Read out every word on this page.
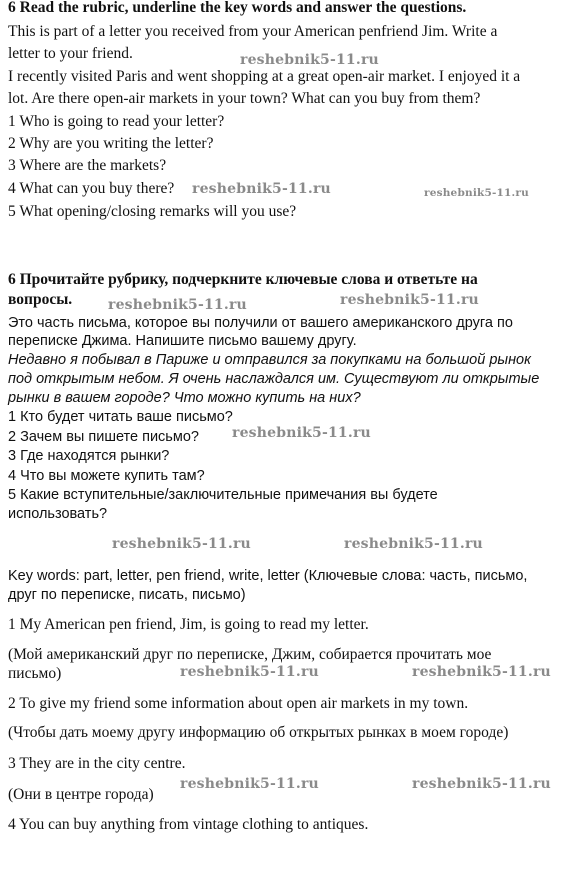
6 Read the rubric, underline the key words and answer the questions.
This is part of a letter you received from your American penfriend Jim. Write a
letter to your friend.
I recently visited Paris and went shopping at a great open-air market. I enjoyed it a
lot. Are there open-air markets in your town? What can you buy from them?
1 Who is going to read your letter?
2 Why are you writing the letter?
3 Where are the markets?
4 What can you buy there?
5 What opening/closing remarks will you use?
6 Прочитайте рубрику, подчеркните ключевые слова и ответьте на
вопросы.
Это часть письма, которое вы получили от вашего американского друга по
переписке Джима. Напишите письмо вашему другу.
Недавно я побывал в Париже и отправился за покупками на большой рынок
под открытым небом. Я очень наслаждался им. Существуют ли открытые
рынки в вашем городе? Что можно купить на них?
1 Кто будет читать ваше письмо?
2 Зачем вы пишете письмо?
3 Где находятся рынки?
4 Что вы можете купить там?
5 Какие вступительные/заключительные примечания вы будете
использовать?
Key words: part, letter, pen friend, write, letter (Ключевые слова: часть, письмо,
друг по переписке, писать, письмо)
1 My American pen friend, Jim, is going to read my letter.
(Мой американский друг по переписке, Джим, собирается прочитать мое
письмо)
2 To give my friend some information about open air markets in my town.
(Чтобы дать моему другу информацию об открытых рынках в моем городе)
3 They are in the city centre.
(Они в центре города)
4 You can buy anything from vintage clothing to antiques.
reshebnik5-11.ru
reshebnik5-11.ru	reshebnik5-11.ru
reshebnik5-11.ru	reshebnik5-11.ru
reshebnik5-11.ru
reshebnik5-11.ru	reshebnik5-11.ru
reshebnik5-11.ru	reshebnik5-11.ru
reshebnik5-11.ru	reshebnik5-11.ru
